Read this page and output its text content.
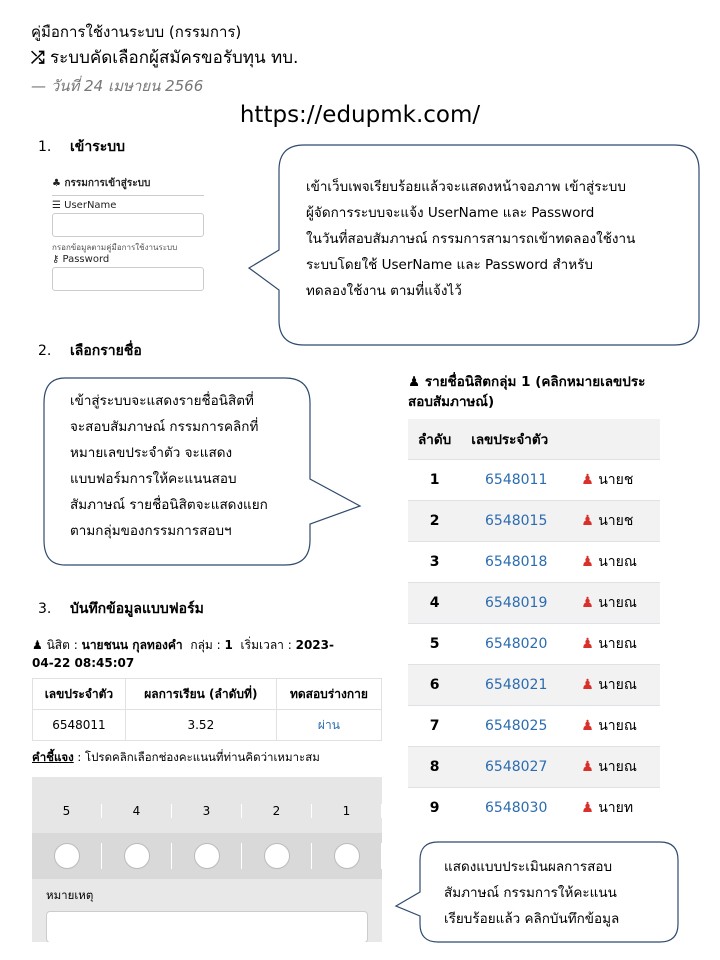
คู่มือการใช้งานระบบ (กรรมการ)
⤮ ระบบคัดเลือกผู้สมัครขอรับทุน ทบ.
— วันที่ 24 เมษายน 2566
https://edupmk.com/
1. เข้าระบบ
♣ กรรมการเข้าสู่ระบบ
☰ UserName
กรอกข้อมูลตามคู่มือการใช้งานระบบ
⚷ Password
เข้าเว็บเพจเรียบร้อยแล้วจะแสดงหน้าจอภาพ เข้าสู่ระบบ
ผู้จัดการระบบจะแจ้ง UserName และ Password
ในวันที่สอบสัมภาษณ์ กรรมการสามารถเข้าทดลองใช้งาน
ระบบโดยใช้ UserName และ Password สำหรับ
ทดลองใช้งาน ตามที่แจ้งไว้
2. เลือกรายชื่อ
เข้าสู่ระบบจะแสดงรายชื่อนิสิตที่
จะสอบสัมภาษณ์ กรรมการคลิกที่
หมายเลขประจำตัว จะแสดง
แบบฟอร์มการให้คะแนนสอบ
สัมภาษณ์ รายชื่อนิสิตจะแสดงแยก
ตามกลุ่มของกรรมการสอบฯ
♟ รายชื่อนิสิตกลุ่ม 1 (คลิกหมายเลขประ
สอบสัมภาษณ์)
ลำดับ	เลขประจำตัว	
1	6548011	♟ นายช
2	6548015	♟ นายช
3	6548018	♟ นายณ
4	6548019	♟ นายณ
5	6548020	♟ นายณ
6	6548021	♟ นายณ
7	6548025	♟ นายณ
8	6548027	♟ นายณ
9	6548030	♟ นายท
3. บันทึกข้อมูลแบบฟอร์ม
♟ นิสิต : นายชนน กุลทองคำ กลุ่ม : 1 เริ่มเวลา : 2023-
04-22 08:45:07
เลขประจำตัว	ผลการเรียน (ลำดับที่)	ทดสอบร่างกาย
6548011	3.52	ผ่าน
คำชี้แจง : โปรดคลิกเลือกช่องคะแนนที่ท่านคิดว่าเหมาะสม
5	4	3	2	1
หมายเหตุ
แสดงแบบประเมินผลการสอบ
สัมภาษณ์ กรรมการให้คะแนน
เรียบร้อยแล้ว คลิกบันทึกข้อมูล
